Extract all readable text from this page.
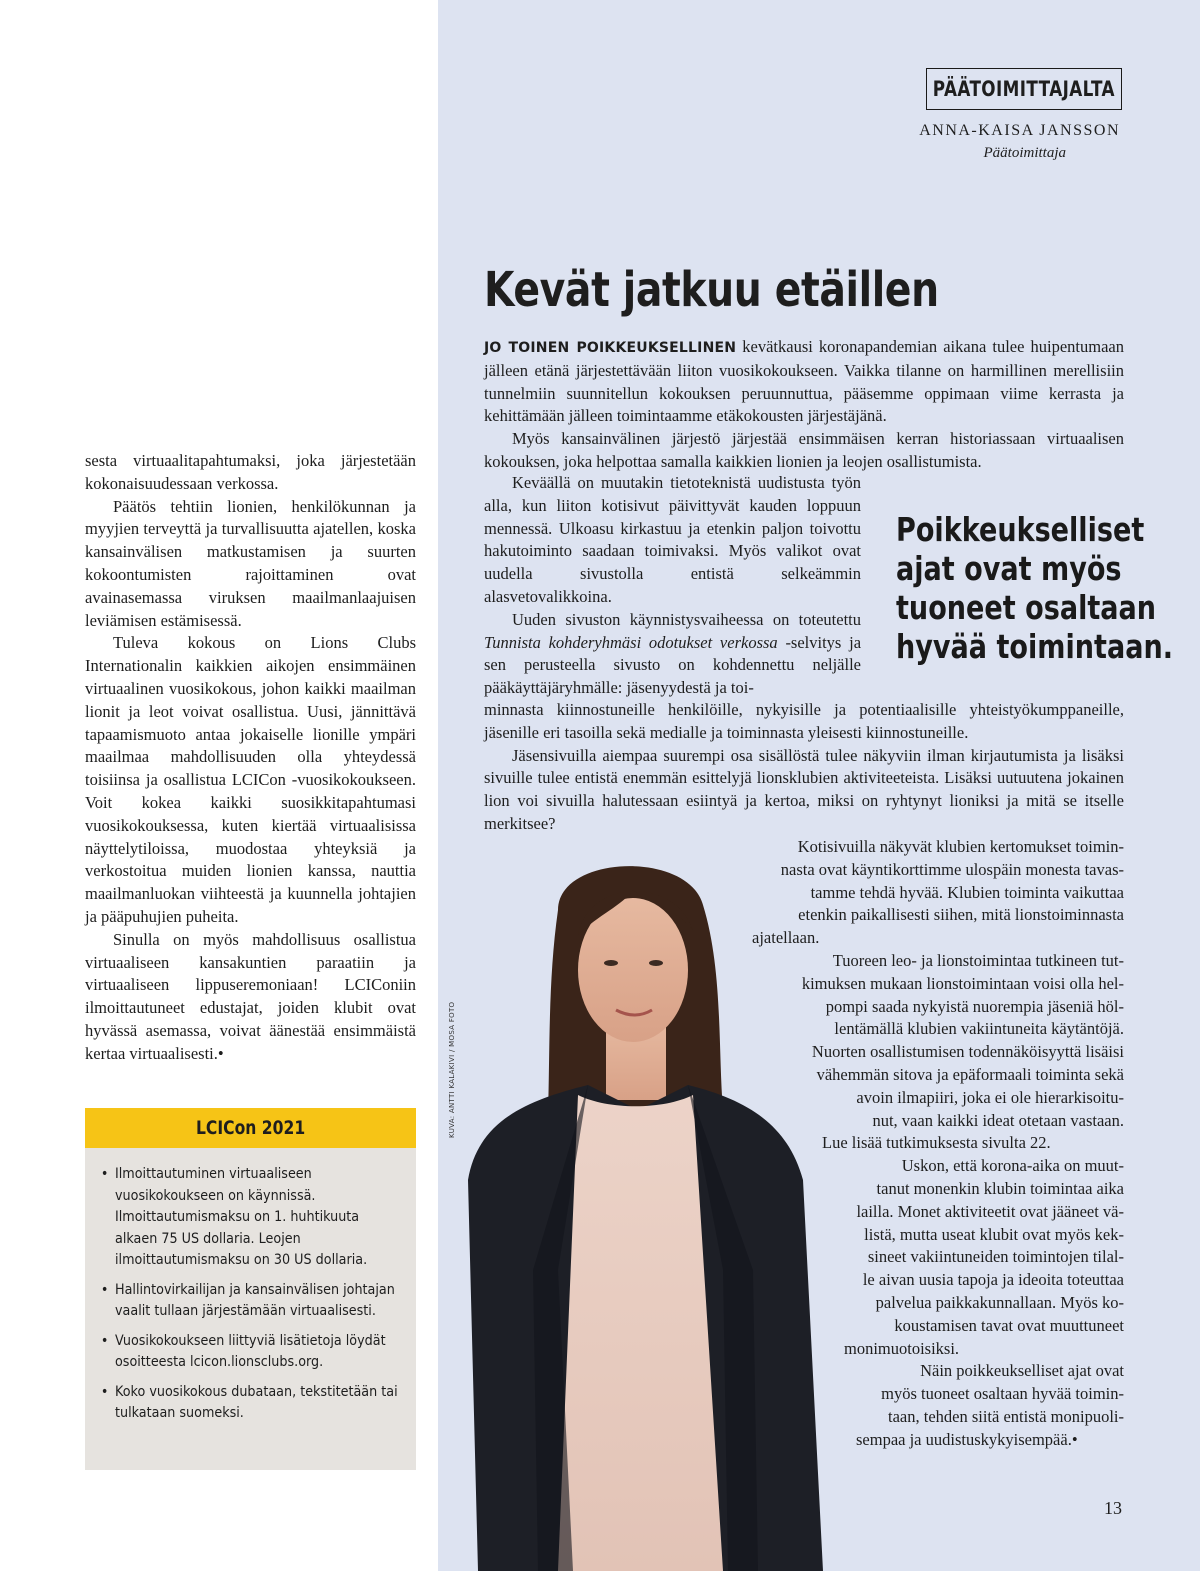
PÄÄTOIMITTAJALTA
ANNA-KAISA JANSSON
Päätoimittaja
Kevät jatkuu etäillen

JO TOINEN POIKKEUKSELLINEN kevätkausi koronapandemian aikana tulee huipentumaan jälleen etänä järjestettävään liiton vuosikokoukseen. Vaikka tilanne on harmillinen merellisiin tunnelmiin suunnitellun kokouksen peruunnuttua, pääsemme oppimaan viime kerrasta ja kehittämään jälleen toimintaamme etäkokousten järjestäjänä.

Myös kansainvälinen järjestö järjestää ensimmäisen kerran historiassaan virtuaalisen kokouksen, joka helpottaa samalla kaikkien lionien ja leojen osallistumista.

Keväällä on muutakin tietoteknistä uudistusta työn alla, kun liiton kotisivut päivittyvät kauden loppuun mennessä. Ulkoasu kirkastuu ja etenkin paljon toivottu hakutoiminto saadaan toimivaksi. Myös valikot ovat uudella sivustolla entistä selkeämmin alasvetovalikkoina.

Uuden sivuston käynnistysvaiheessa on toteutettu Tunnista kohderyhmäsi odotukset verkossa -selvitys ja sen perusteella sivusto on kohdennettu neljälle pääkäyttäjäryhmälle: jäsenyydestä ja toi-

Poikkeukselliset
ajat ovat myös
tuoneet osaltaan
hyvää toimintaan.

minnasta kiinnostuneille henkilöille, nykyisille ja potentiaalisille yhteistyökumppaneille, jäsenille eri tasoilla sekä medialle ja toiminnasta yleisesti kiinnostuneille.

Jäsensivuilla aiempaa suurempi osa sisällöstä tulee näkyviin ilman kirjautumista ja lisäksi sivuille tulee entistä enemmän esittelyjä lionsklubien aktiviteeteista. Lisäksi uutuutena jokainen lion voi sivuilla halutessaan esiintyä ja kertoa, miksi on ryhtynyt lioniksi ja mitä se itselle merkitsee?

KUVA: ANTTI KALAKIVI / MOSA FOTO

Kotisivuilla näkyvät klubien kertomukset toimin-

nasta ovat käyntikorttimme ulospäin monesta tavas-

tamme tehdä hyvää. Klubien toiminta vaikuttaa

etenkin paikallisesti siihen, mitä lionstoiminnasta

ajatellaan.

Tuoreen leo- ja lionstoimintaa tutkineen tut-

kimuksen mukaan lionstoimintaan voisi olla hel-

pompi saada nykyistä nuorempia jäseniä höl-

lentämällä klubien vakiintuneita käytäntöjä.

Nuorten osallistumisen todennäköisyyttä lisäisi

vähemmän sitova ja epäformaali toiminta sekä

avoin ilmapiiri, joka ei ole hierarkisoitu-

nut, vaan kaikki ideat otetaan vastaan.

Lue lisää tutkimuksesta sivulta 22.

Uskon, että korona-aika on muut-

tanut monenkin klubin toimintaa aika

lailla. Monet aktiviteetit ovat jääneet vä-

listä, mutta useat klubit ovat myös kek-

sineet vakiintuneiden toimintojen tilal-

le aivan uusia tapoja ja ideoita toteuttaa

palvelua paikkakunnallaan. Myös ko-

koustamisen tavat ovat muuttuneet

monimuotoisiksi.

Näin poikkeukselliset ajat ovat

myös tuoneet osaltaan hyvää toimin-

taan, tehden siitä entistä monipuoli-

sempaa ja uudistuskykyisempää.•

sesta virtuaalitapahtumaksi, joka järjestetään kokonaisuudessaan verkossa.

Päätös tehtiin lionien, henkilökunnan ja myyjien terveyttä ja turvallisuutta ajatellen, koska kansainvälisen matkustamisen ja suurten kokoontumisten rajoittaminen ovat avainasemassa viruksen maailmanlaajuisen leviämisen estämisessä.

Tuleva kokous on Lions Clubs Internationalin kaikkien aikojen ensimmäinen virtuaalinen vuosikokous, johon kaikki maailman lionit ja leot voivat osallistua. Uusi, jännittävä tapaamismuoto antaa jokaiselle lionille ympäri maailmaa mahdollisuuden olla yhteydessä toisiinsa ja osallistua LCICon -vuosikokoukseen. Voit kokea kaikki suosikkitapahtumasi vuosikokouksessa, kuten kiertää virtuaalisissa näyttelytiloissa, muodostaa yhteyksiä ja verkostoitua muiden lionien kanssa, nauttia maailmanluokan viihteestä ja kuunnella johtajien ja pääpuhujien puheita.

Sinulla on myös mahdollisuus osallistua virtuaaliseen kansakuntien paraatiin ja virtuaaliseen lippuseremoniaan! LCIConiin ilmoittautuneet edustajat, joiden klubit ovat hyvässä asemassa, voivat äänestää ensimmäistä kertaa virtuaalisesti.•

LCICon 2021
• Ilmoittautuminen virtuaaliseen vuosikokoukseen on käynnissä. Ilmoittautumismaksu on 1. huhtikuuta alkaen 75 US dollaria. Leojen ilmoittautumismaksu on 30 US dollaria.
• Hallintovirkailijan ja kansainvälisen johtajan vaalit tullaan järjestämään virtuaalisesti.
• Vuosikokoukseen liittyviä lisätietoja löydät osoitteesta lcicon.lionsclubs.org.
• Koko vuosikokous dubataan, tekstitetään tai tulkataan suomeksi.
13
